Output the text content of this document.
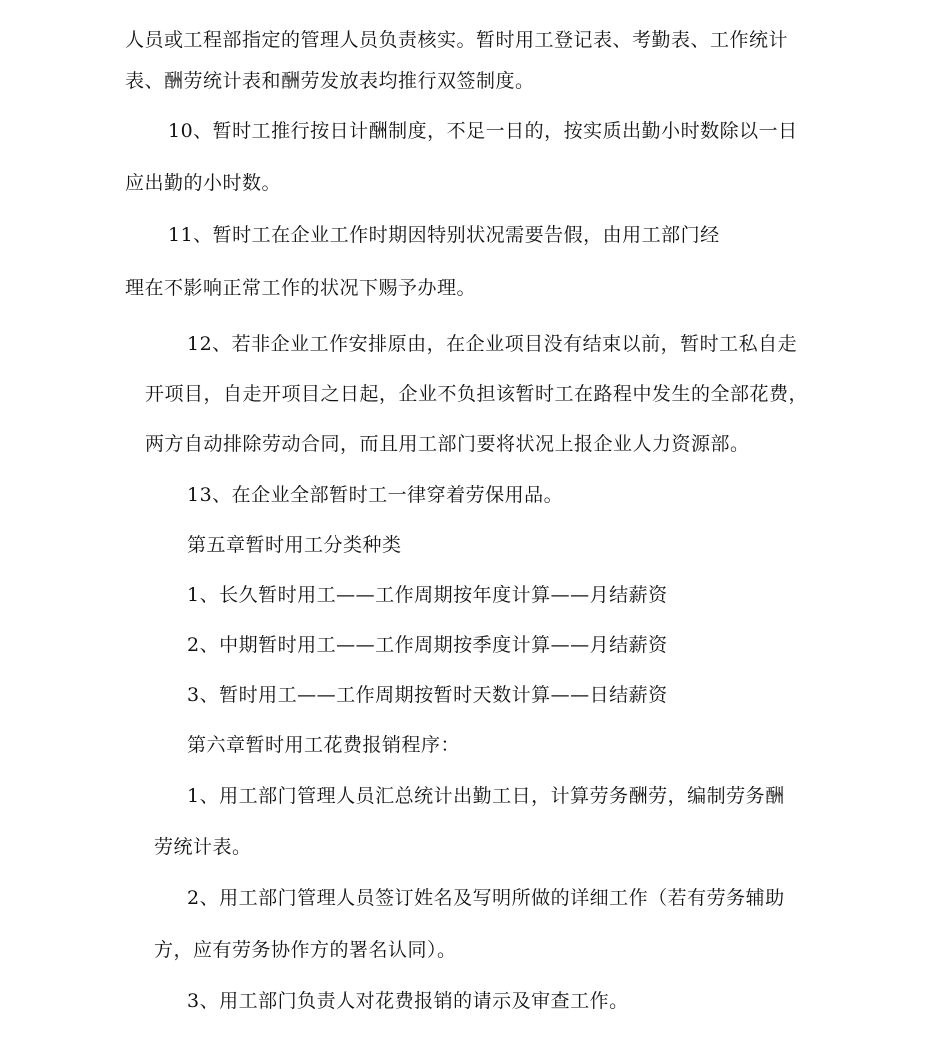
人员或工程部指定的管理人员负责核实。暂时用工登记表、考勤表、工作统计
表、酬劳统计表和酬劳发放表均推行双签制度。
10、暂时工推行按日计酬制度，不足一日的，按实质出勤小时数除以一日
应出勤的小时数。
11、暂时工在企业工作时期因特别状况需要告假，由用工部门经
理在不影响正常工作的状况下赐予办理。
12、若非企业工作安排原由，在企业项目没有结束以前，暂时工私自走
开项目，自走开项目之日起，企业不负担该暂时工在路程中发生的全部花费，
两方自动排除劳动合同，而且用工部门要将状况上报企业人力资源部。
13、在企业全部暂时工一律穿着劳保用品。
第五章暂时用工分类种类
1、长久暂时用工——工作周期按年度计算——月结薪资
2、中期暂时用工——工作周期按季度计算——月结薪资
3、暂时用工——工作周期按暂时天数计算——日结薪资
第六章暂时用工花费报销程序：
1、用工部门管理人员汇总统计出勤工日，计算劳务酬劳，编制劳务酬
劳统计表。
2、用工部门管理人员签订姓名及写明所做的详细工作（若有劳务辅助
方，应有劳务协作方的署名认同）。
3、用工部门负责人对花费报销的请示及审查工作。
